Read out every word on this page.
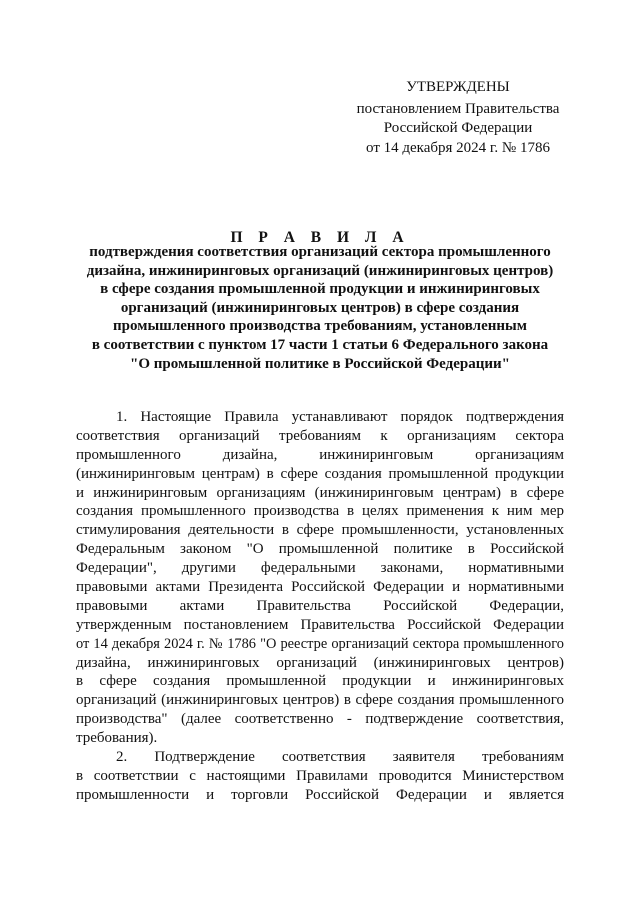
УТВЕРЖДЕНЫ
постановлением Правительства
Российской Федерации
от 14 декабря 2024 г. № 1786
П Р А В И Л А
подтверждения соответствия организаций сектора промышленного
дизайна, инжиниринговых организаций (инжиниринговых центров)
в сфере создания промышленной продукции и инжиниринговых
организаций (инжиниринговых центров) в сфере создания
промышленного производства требованиям, установленным
в соответствии с пунктом 17 части 1 статьи 6 Федерального закона
"О промышленной политике в Российской Федерации"
1. Настоящие Правила устанавливают порядок подтверждения
соответствия организаций требованиям к организациям сектора
промышленного дизайна, инжиниринговым организациям
(инжиниринговым центрам) в сфере создания промышленной продукции
и инжиниринговым организациям (инжиниринговым центрам) в сфере
создания промышленного производства в целях применения к ним мер
стимулирования деятельности в сфере промышленности, установленных
Федеральным законом "О промышленной политике в Российской
Федерации", другими федеральными законами, нормативными
правовыми актами Президента Российской Федерации и нормативными
правовыми актами Правительства Российской Федерации,
утвержденным постановлением Правительства Российской Федерации
от 14 декабря 2024 г. № 1786 "О реестре организаций сектора промышленного
дизайна, инжиниринговых организаций (инжиниринговых центров)
в сфере создания промышленной продукции и инжиниринговых
организаций (инжиниринговых центров) в сфере создания промышленного
производства" (далее соответственно - подтверждение соответствия,
требования).
2. Подтверждение соответствия заявителя требованиям
в соответствии с настоящими Правилами проводится Министерством
промышленности и торговли Российской Федерации и является
